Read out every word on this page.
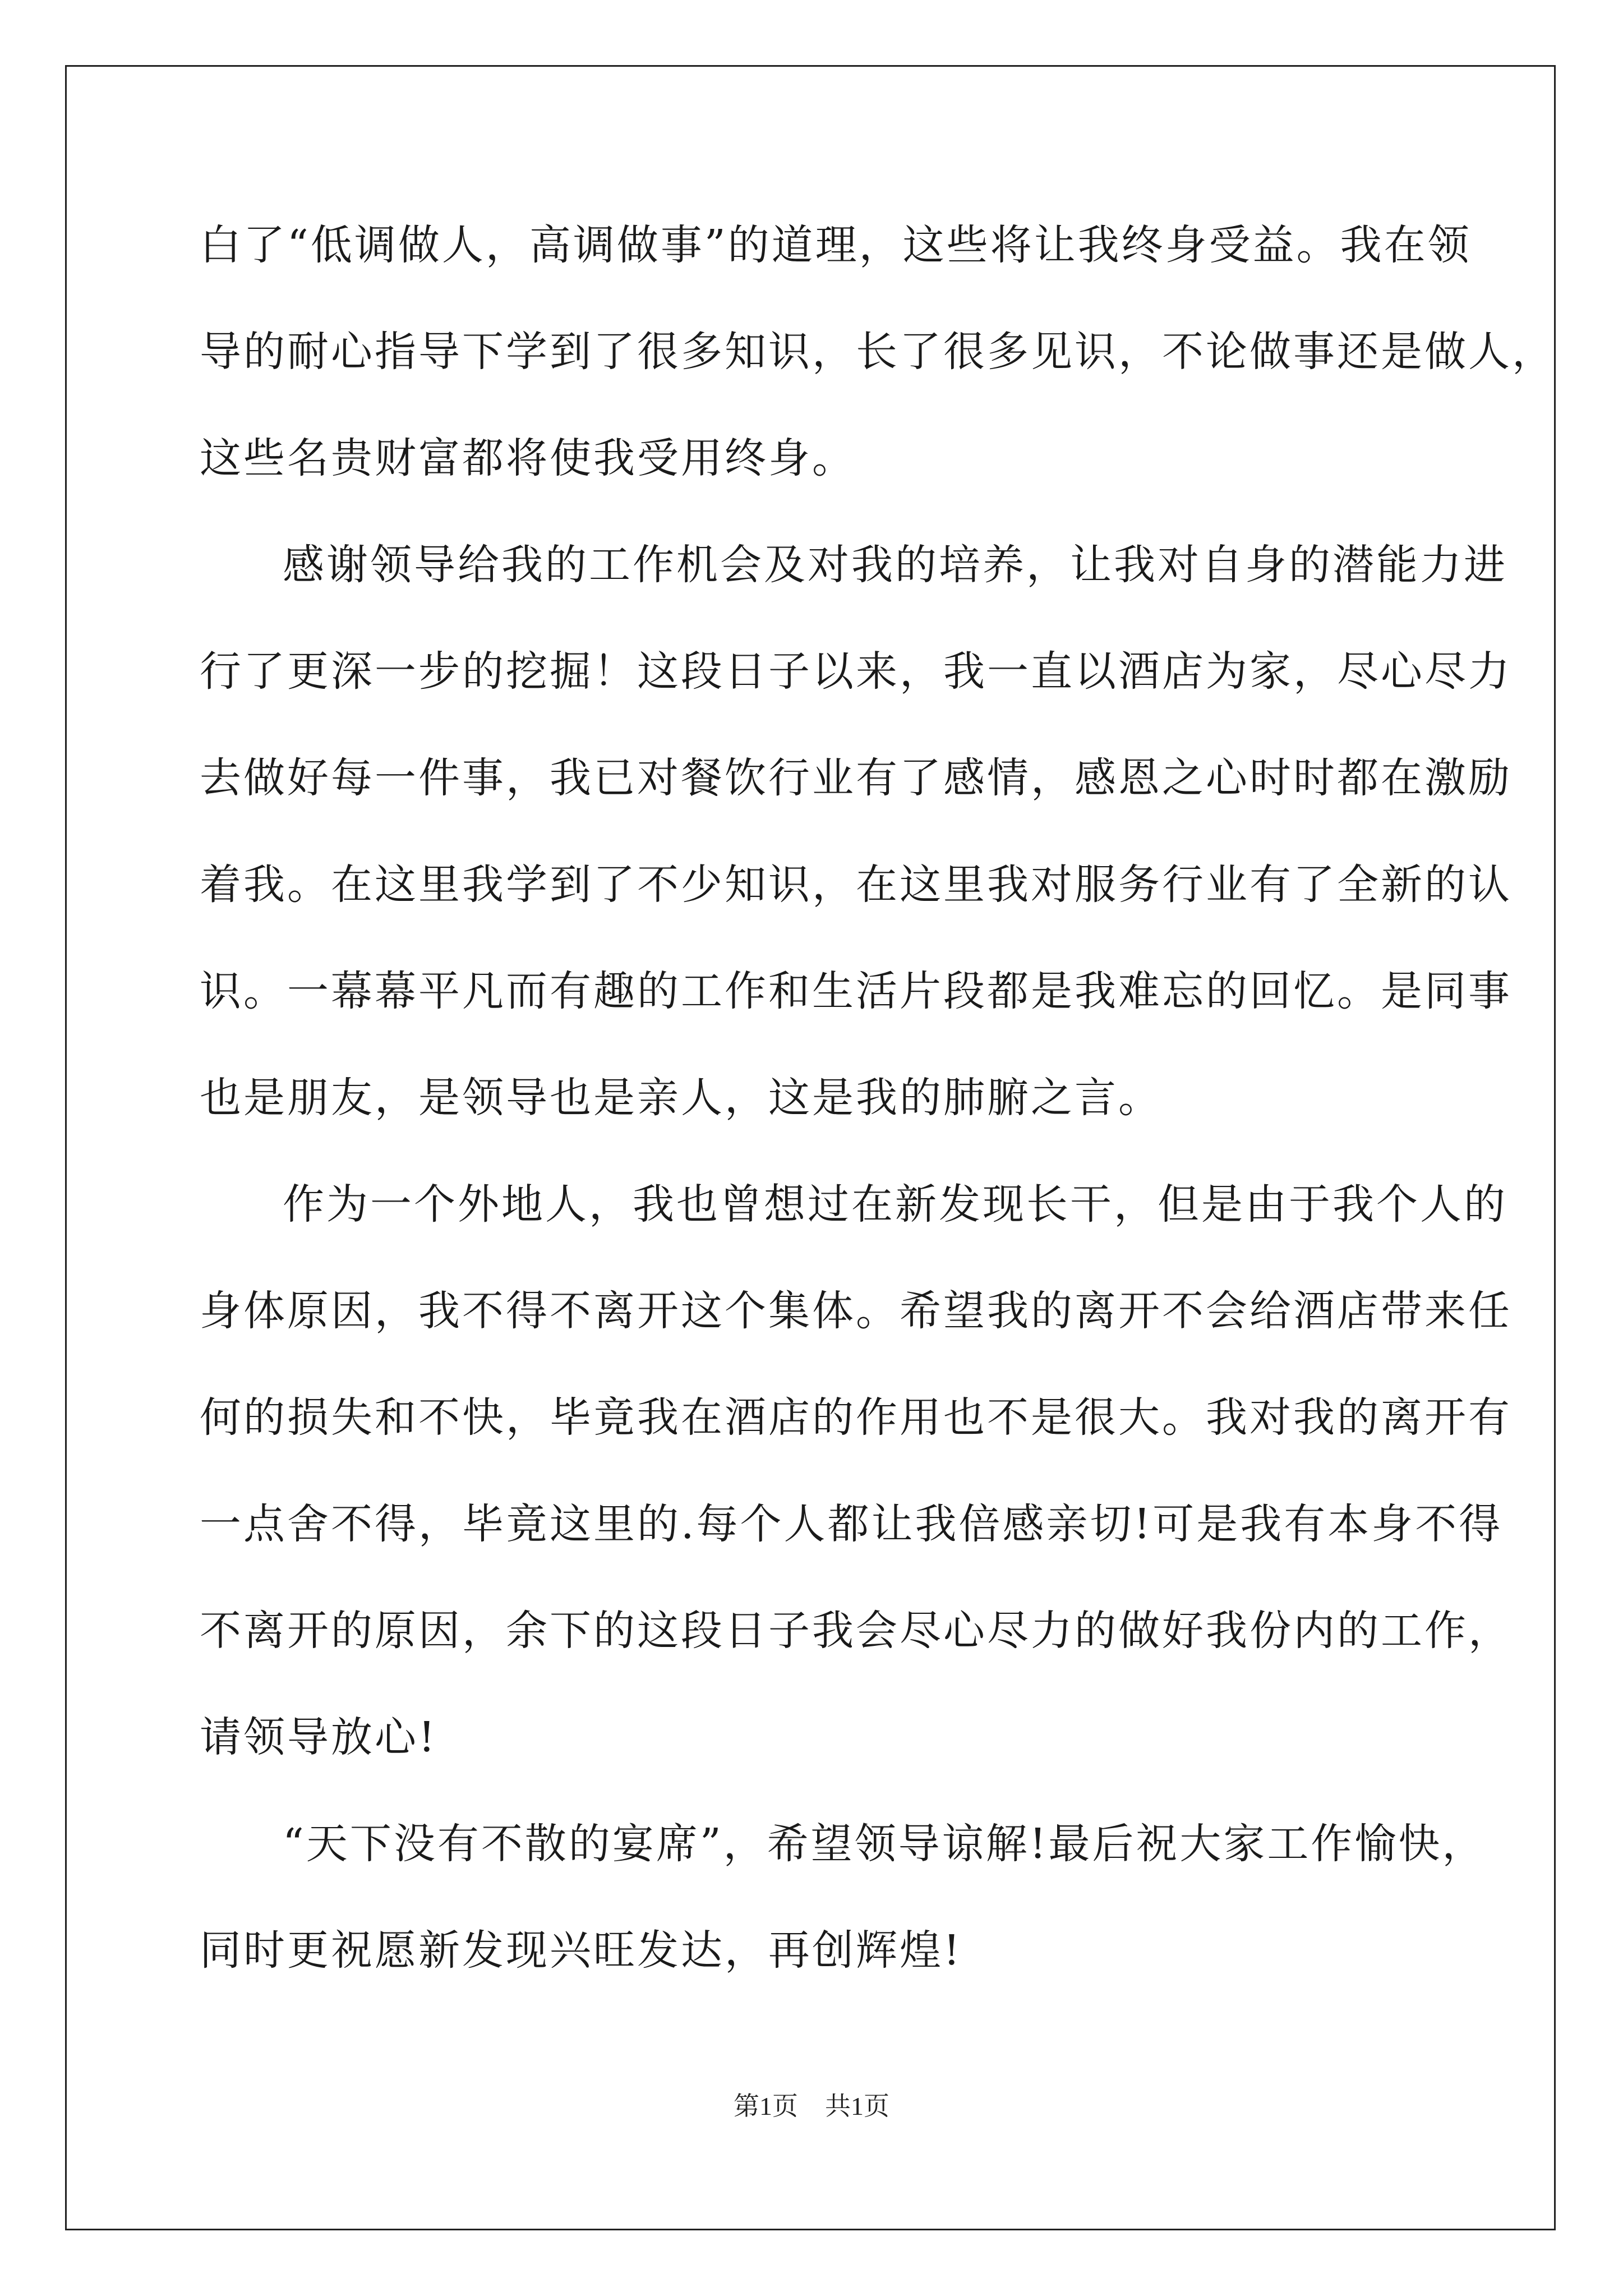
白了“低调做人，高调做事”的道理，这些将让我终身受益。我在领
导的耐心指导下学到了很多知识，长了很多见识，不论做事还是做人，
这些名贵财富都将使我受用终身。
感谢领导给我的工作机会及对我的培养，让我对自身的潜能力进
行了更深一步的挖掘！这段日子以来，我一直以酒店为家，尽心尽力
去做好每一件事，我已对餐饮行业有了感情，感恩之心时时都在激励
着我。在这里我学到了不少知识，在这里我对服务行业有了全新的认
识。一幕幕平凡而有趣的工作和生活片段都是我难忘的回忆。是同事
也是朋友，是领导也是亲人，这是我的肺腑之言。
作为一个外地人，我也曾想过在新发现长干，但是由于我个人的
身体原因，我不得不离开这个集体。希望我的离开不会给酒店带来任
何的损失和不快，毕竟我在酒店的作用也不是很大。我对我的离开有
一点舍不得，毕竟这里的.每个人都让我倍感亲切!可是我有本身不得
不离开的原因，余下的这段日子我会尽心尽力的做好我份内的工作，
请领导放心!
“天下没有不散的宴席”，希望领导谅解!最后祝大家工作愉快，
同时更祝愿新发现兴旺发达，再创辉煌!
第1页 共1页
